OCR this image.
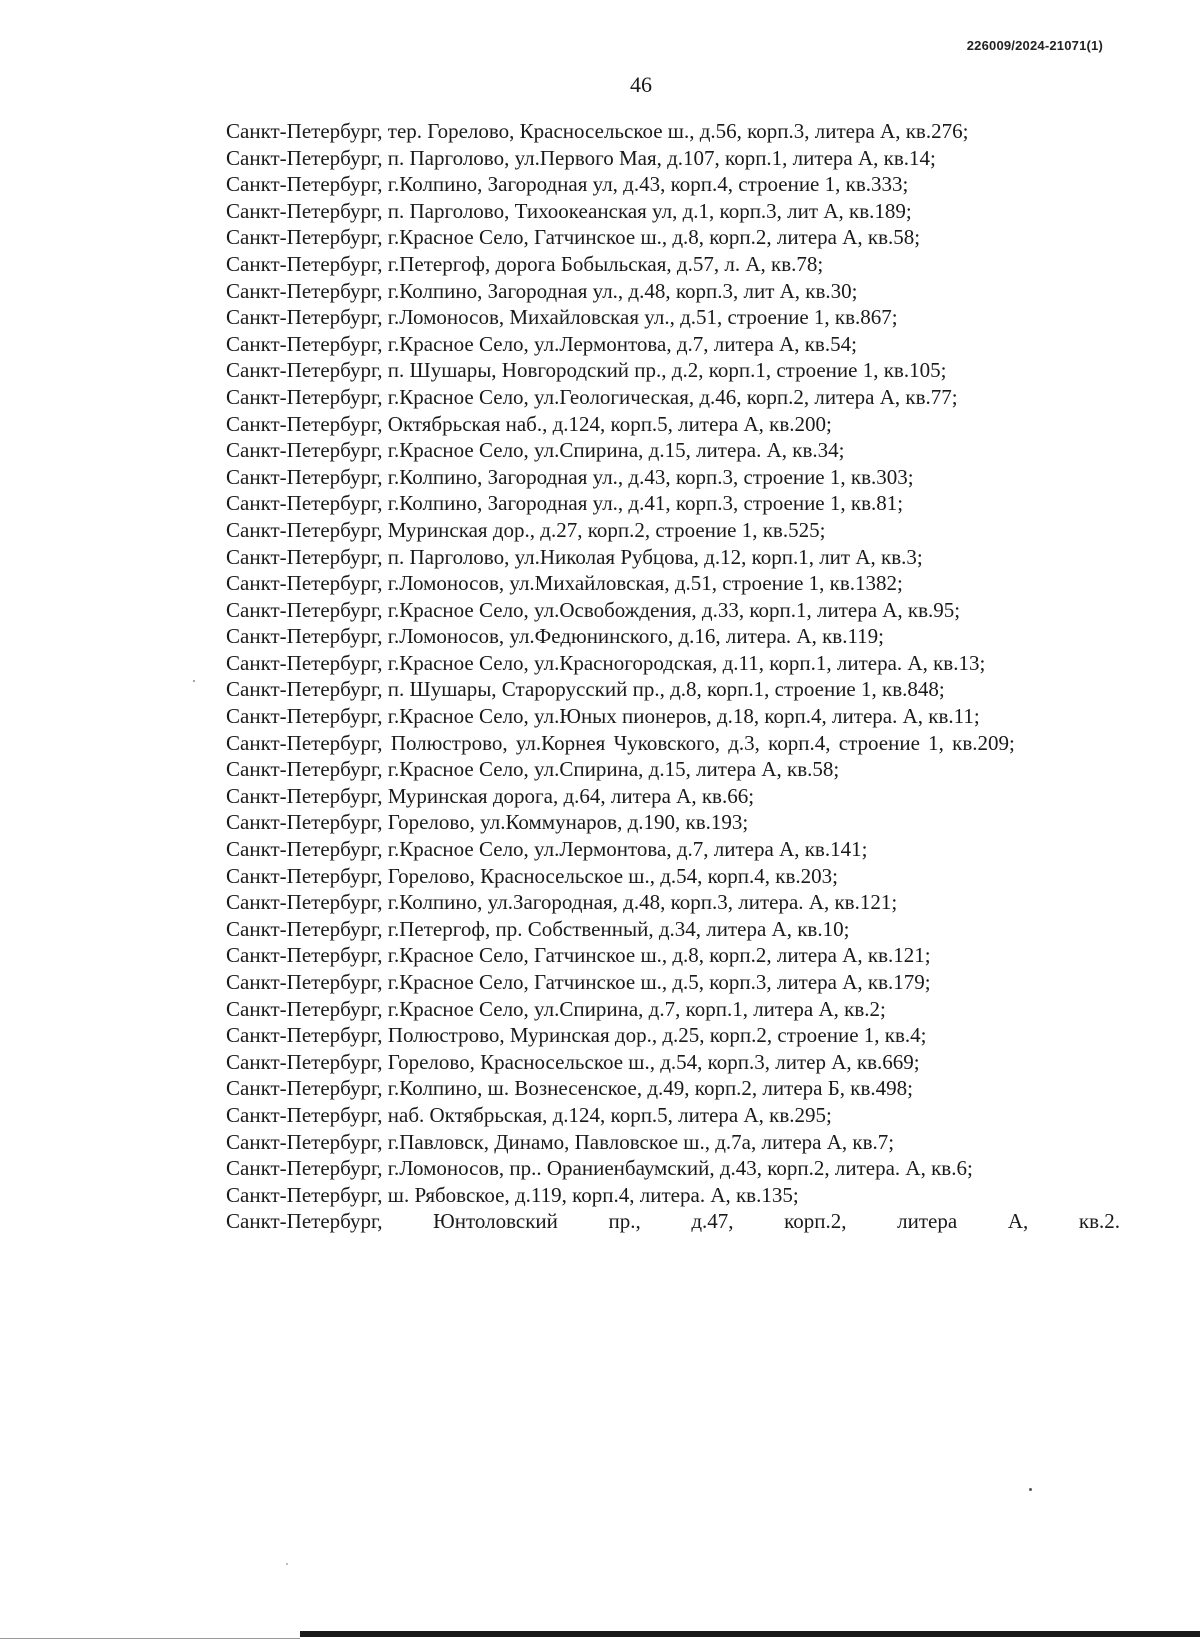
226009/2024-21071(1)
46
Санкт-Петербург, тер. Горелово, Красносельское ш., д.56, корп.3, литера А, кв.276;
Санкт-Петербург, п. Парголово, ул.Первого Мая, д.107, корп.1, литера А, кв.14;
Санкт-Петербург, г.Колпино, Загородная ул, д.43, корп.4, строение 1, кв.333;
Санкт-Петербург, п. Парголово, Тихоокеанская ул, д.1, корп.3, лит А, кв.189;
Санкт-Петербург, г.Красное Село, Гатчинское ш., д.8, корп.2, литера А, кв.58;
Санкт-Петербург, г.Петергоф, дорога Бобыльская, д.57, л. А, кв.78;
Санкт-Петербург, г.Колпино, Загородная ул., д.48, корп.3, лит А, кв.30;
Санкт-Петербург, г.Ломоносов, Михайловская ул., д.51, строение 1, кв.867;
Санкт-Петербург, г.Красное Село, ул.Лермонтова, д.7, литера А, кв.54;
Санкт-Петербург, п. Шушары, Новгородский пр., д.2, корп.1, строение 1, кв.105;
Санкт-Петербург, г.Красное Село, ул.Геологическая, д.46, корп.2, литера А, кв.77;
Санкт-Петербург, Октябрьская наб., д.124, корп.5, литера А, кв.200;
Санкт-Петербург, г.Красное Село, ул.Спирина, д.15, литера. А, кв.34;
Санкт-Петербург, г.Колпино, Загородная ул., д.43, корп.3, строение 1, кв.303;
Санкт-Петербург, г.Колпино, Загородная ул., д.41, корп.3, строение 1, кв.81;
Санкт-Петербург, Муринская дор., д.27, корп.2, строение 1, кв.525;
Санкт-Петербург, п. Парголово, ул.Николая Рубцова, д.12, корп.1, лит А, кв.3;
Санкт-Петербург, г.Ломоносов, ул.Михайловская, д.51, строение 1, кв.1382;
Санкт-Петербург, г.Красное Село, ул.Освобождения, д.33, корп.1, литера А, кв.95;
Санкт-Петербург, г.Ломоносов, ул.Федюнинского, д.16, литера. А, кв.119;
Санкт-Петербург, г.Красное Село, ул.Красногородская, д.11, корп.1, литера. А, кв.13;
Санкт-Петербург, п. Шушары, Старорусский пр., д.8, корп.1, строение 1, кв.848;
Санкт-Петербург, г.Красное Село, ул.Юных пионеров, д.18, корп.4, литера. А, кв.11;
Санкт-Петербург, Полюстрово, ул.Корнея Чуковского, д.3, корп.4, строение 1, кв.209;
Санкт-Петербург, г.Красное Село, ул.Спирина, д.15, литера А, кв.58;
Санкт-Петербург, Муринская дорога, д.64, литера А, кв.66;
Санкт-Петербург, Горелово, ул.Коммунаров, д.190, кв.193;
Санкт-Петербург, г.Красное Село, ул.Лермонтова, д.7, литера А, кв.141;
Санкт-Петербург, Горелово, Красносельское ш., д.54, корп.4, кв.203;
Санкт-Петербург, г.Колпино, ул.Загородная, д.48, корп.3, литера. А, кв.121;
Санкт-Петербург, г.Петергоф, пр. Собственный, д.34, литера А, кв.10;
Санкт-Петербург, г.Красное Село, Гатчинское ш., д.8, корп.2, литера А, кв.121;
Санкт-Петербург, г.Красное Село, Гатчинское ш., д.5, корп.3, литера А, кв.179;
Санкт-Петербург, г.Красное Село, ул.Спирина, д.7, корп.1, литера А, кв.2;
Санкт-Петербург, Полюстрово, Муринская дор., д.25, корп.2, строение 1, кв.4;
Санкт-Петербург, Горелово, Красносельское ш., д.54, корп.3, литер А, кв.669;
Санкт-Петербург, г.Колпино, ш. Вознесенское, д.49, корп.2, литера Б, кв.498;
Санкт-Петербург, наб. Октябрьская, д.124, корп.5, литера А, кв.295;
Санкт-Петербург, г.Павловск, Динамо, Павловское ш., д.7а, литера А, кв.7;
Санкт-Петербург, г.Ломоносов, пр.. Ораниенбаумский, д.43, корп.2, литера. А, кв.6;
Санкт-Петербург, ш. Рябовское, д.119, корп.4, литера. А, кв.135;
Санкт-Петербург, Юнтоловский пр., д.47, корп.2, литера А, кв.2.
